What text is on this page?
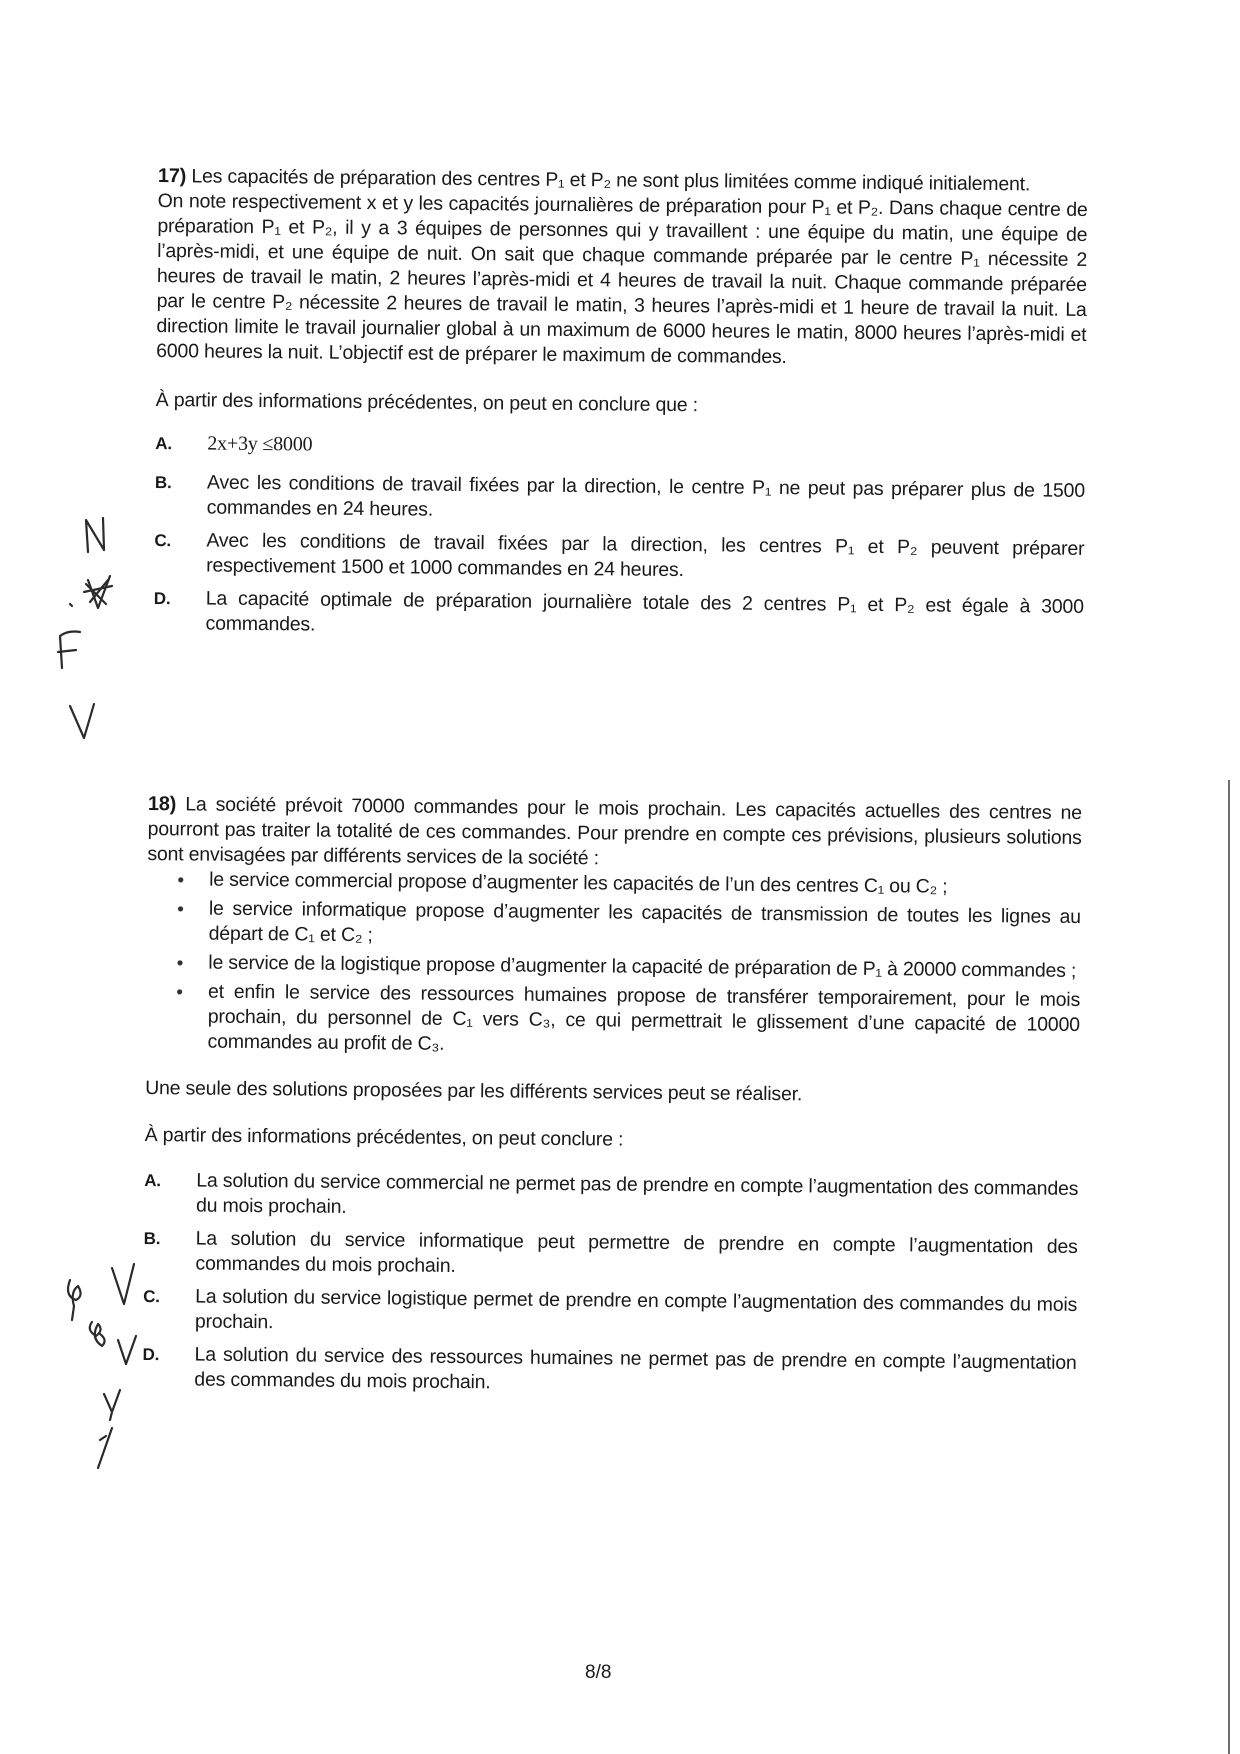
17) Les capacités de préparation des centres P₁ et P₂ ne sont plus limitées comme indiqué initialement.

On note respectivement x et y les capacités journalières de préparation pour P₁ et P₂. Dans chaque centre de préparation P₁ et P₂, il y a 3 équipes de personnes qui y travaillent : une équipe du matin, une équipe de l’après-midi, et une équipe de nuit. On sait que chaque commande préparée par le centre P₁ nécessite 2 heures de travail le matin, 2 heures l’après-midi et 4 heures de travail la nuit. Chaque commande préparée par le centre P₂ nécessite 2 heures de travail le matin, 3 heures l’après-midi et 1 heure de travail la nuit. La direction limite le travail journalier global à un maximum de 6000 heures le matin, 8000 heures l’après-midi et 6000 heures la nuit. L’objectif est de préparer le maximum de commandes.

À partir des informations précédentes, on peut en conclure que :

A.	2x+3y ≤8000
B.	Avec les conditions de travail fixées par la direction, le centre P₁ ne peut pas préparer plus de 1500 commandes en 24 heures.
C.	Avec les conditions de travail fixées par la direction, les centres P₁ et P₂ peuvent préparer respectivement 1500 et 1000 commandes en 24 heures.
D.	La capacité optimale de préparation journalière totale des 2 centres P₁ et P₂ est égale à 3000 commandes.

18) La société prévoit 70000 commandes pour le mois prochain. Les capacités actuelles des centres ne pourront pas traiter la totalité de ces commandes. Pour prendre en compte ces prévisions, plusieurs solutions sont envisagées par différents services de la société :

●	le service commercial propose d’augmenter les capacités de l’un des centres C₁ ou C₂ ;
●	le service informatique propose d’augmenter les capacités de transmission de toutes les lignes au départ de C₁ et C₂ ;
●	le service de la logistique propose d’augmenter la capacité de préparation de P₁ à 20000 commandes ;
●	et enfin le service des ressources humaines propose de transférer temporairement, pour le mois prochain, du personnel de C₁ vers C₃, ce qui permettrait le glissement d’une capacité de 10000 commandes au profit de C₃.

Une seule des solutions proposées par les différents services peut se réaliser.

À partir des informations précédentes, on peut conclure :

A.	La solution du service commercial ne permet pas de prendre en compte l’augmentation des commandes du mois prochain.
B.	La solution du service informatique peut permettre de prendre en compte l’augmentation des commandes du mois prochain.
C.	La solution du service logistique permet de prendre en compte l’augmentation des commandes du mois prochain.
D.	La solution du service des ressources humaines ne permet pas de prendre en compte l’augmentation des commandes du mois prochain.
8/8
